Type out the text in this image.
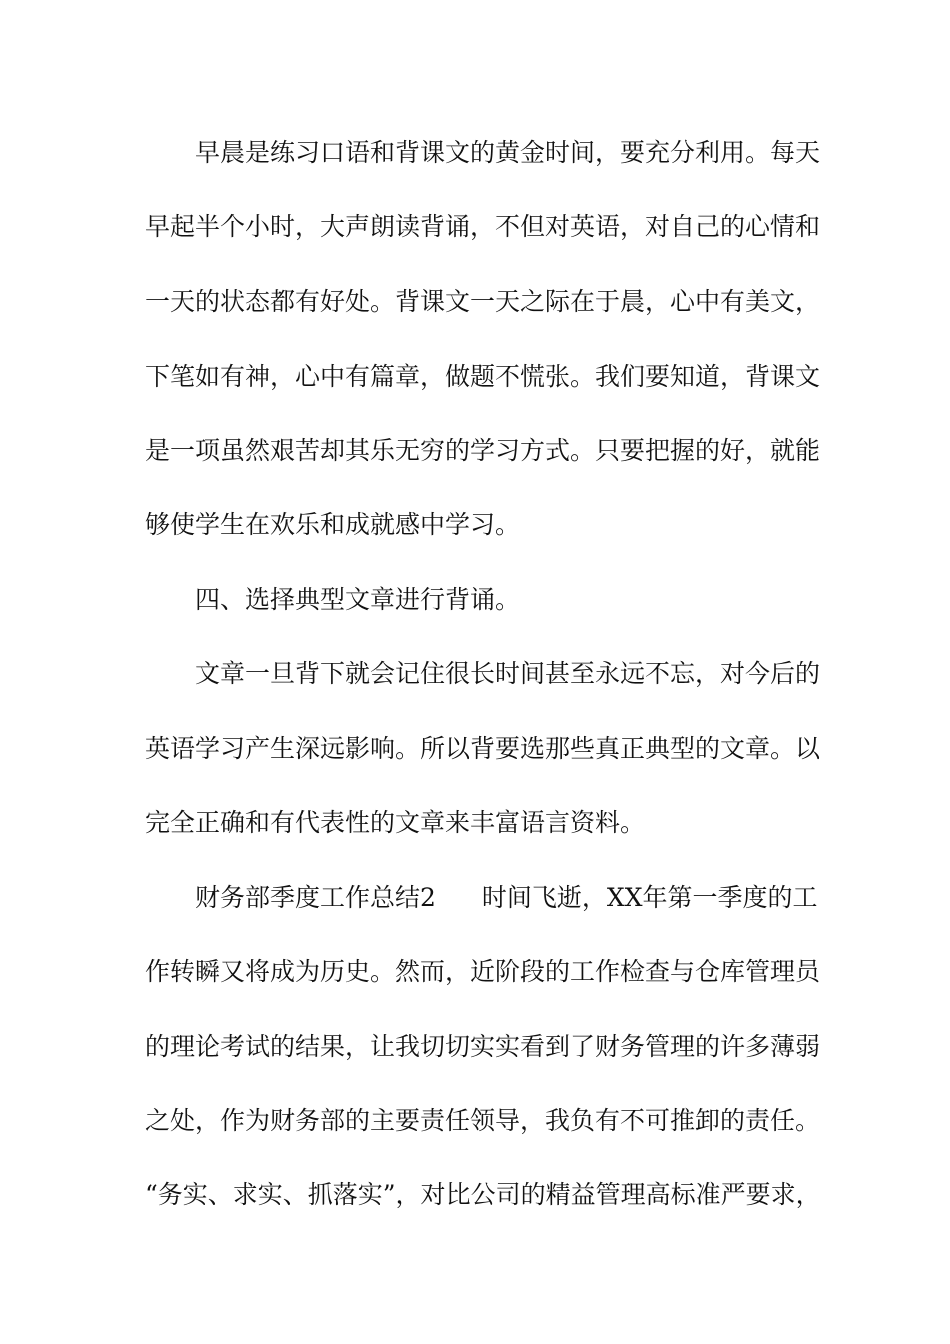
早晨是练习口语和背课文的黄金时间，要充分利用。每天
早起半个小时，大声朗读背诵，不但对英语，对自己的心情和
一天的状态都有好处。背课文一天之际在于晨，心中有美文，
下笔如有神，心中有篇章，做题不慌张。我们要知道，背课文
是一项虽然艰苦却其乐无穷的学习方式。只要把握的好，就能
够使学生在欢乐和成就感中学习。
四、选择典型文章进行背诵。
文章一旦背下就会记住很长时间甚至永远不忘，对今后的
英语学习产生深远影响。所以背要选那些真正典型的文章。以
完全正确和有代表性的文章来丰富语言资料。
财务部季度工作总结2 时间飞逝，XX年第一季度的工
作转瞬又将成为历史。然而，近阶段的工作检查与仓库管理员
的理论考试的结果，让我切切实实看到了财务管理的许多薄弱
之处，作为财务部的主要责任领导，我负有不可推卸的责任。
“务实、求实、抓落实”，对比公司的精益管理高标准严要求，
